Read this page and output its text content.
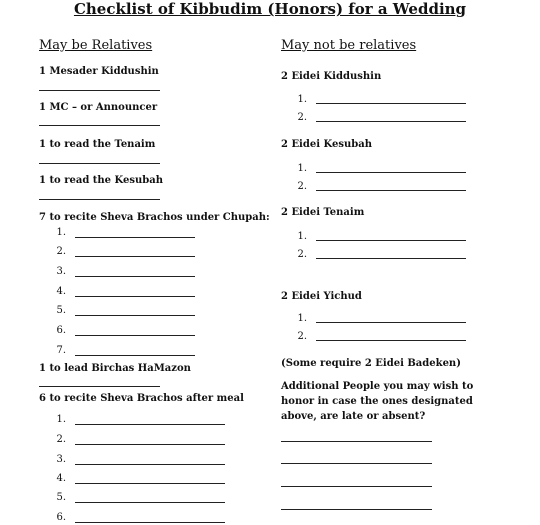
Checklist of Kibbudim (Honors) for a Wedding
May be Relatives
1 Mesader Kiddushin
1 MC – or Announcer
1 to read the Tenaim
1 to read the Kesubah
7 to recite Sheva Brachos under Chupah:
1.
2.
3.
4.
5.
6.
7.
1 to lead Birchas HaMazon
6 to recite Sheva Brachos after meal
1.
2.
3.
4.
5.
6.
May not be relatives
2 Eidei Kiddushin
1.
2.
2 Eidei Kesubah
1.
2.
2 Eidei Tenaim
1.
2.
2 Eidei Yichud
1.
2.
(Some require 2 Eidei Badeken)
Additional People you may wish to honor in case the ones designated above, are late or absent?
